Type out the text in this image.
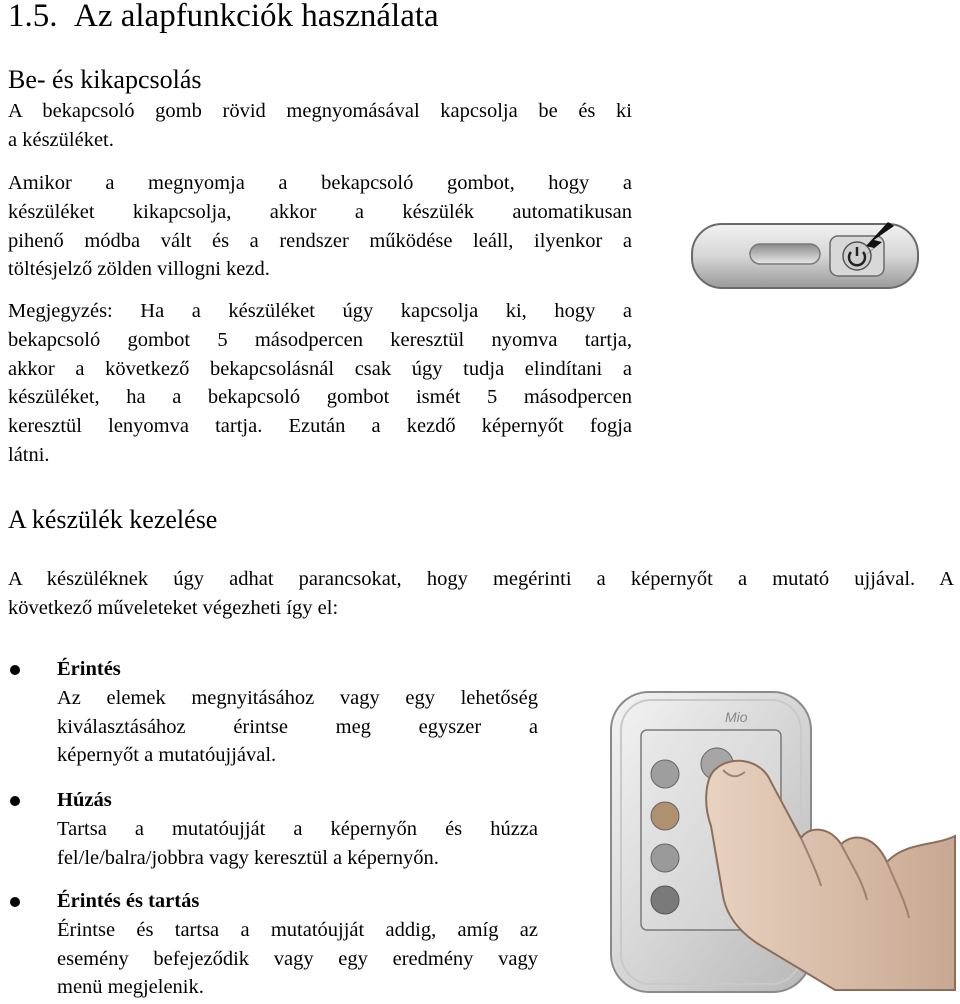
1.5. Az alapfunkciók használata
Be- és kikapcsolás
A bekapcsoló gomb rövid megnyomásával kapcsolja be és ki
a készüléket.
Amikor a megnyomja a bekapcsoló gombot, hogy a
készüléket kikapcsolja, akkor a készülék automatikusan
pihenő módba vált és a rendszer működése leáll, ilyenkor a
töltésjelző zölden villogni kezd.
Megjegyzés: Ha a készüléket úgy kapcsolja ki, hogy a
bekapcsoló gombot 5 másodpercen keresztül nyomva tartja,
akkor a következő bekapcsolásnál csak úgy tudja elindítani a
készüléket, ha a bekapcsoló gombot ismét 5 másodpercen
keresztül lenyomva tartja. Ezután a kezdő képernyőt fogja
látni.
A készülék kezelése
A készüléknek úgy adhat parancsokat, hogy megérinti a képernyőt a mutató ujjával. A
következő műveleteket végezheti így el:
Érintés
Az elemek megnyitásához vagy egy lehetőség
kiválasztásához érintse meg egyszer a
képernyőt a mutatóujjával.
Húzás
Tartsa a mutatóujját a képernyőn és húzza
fel/le/balra/jobbra vagy keresztül a képernyőn.
Érintés és tartás
Érintse és tartsa a mutatóujját addig, amíg az
esemény befejeződik vagy egy eredmény vagy
menü megjelenik.
Mio
